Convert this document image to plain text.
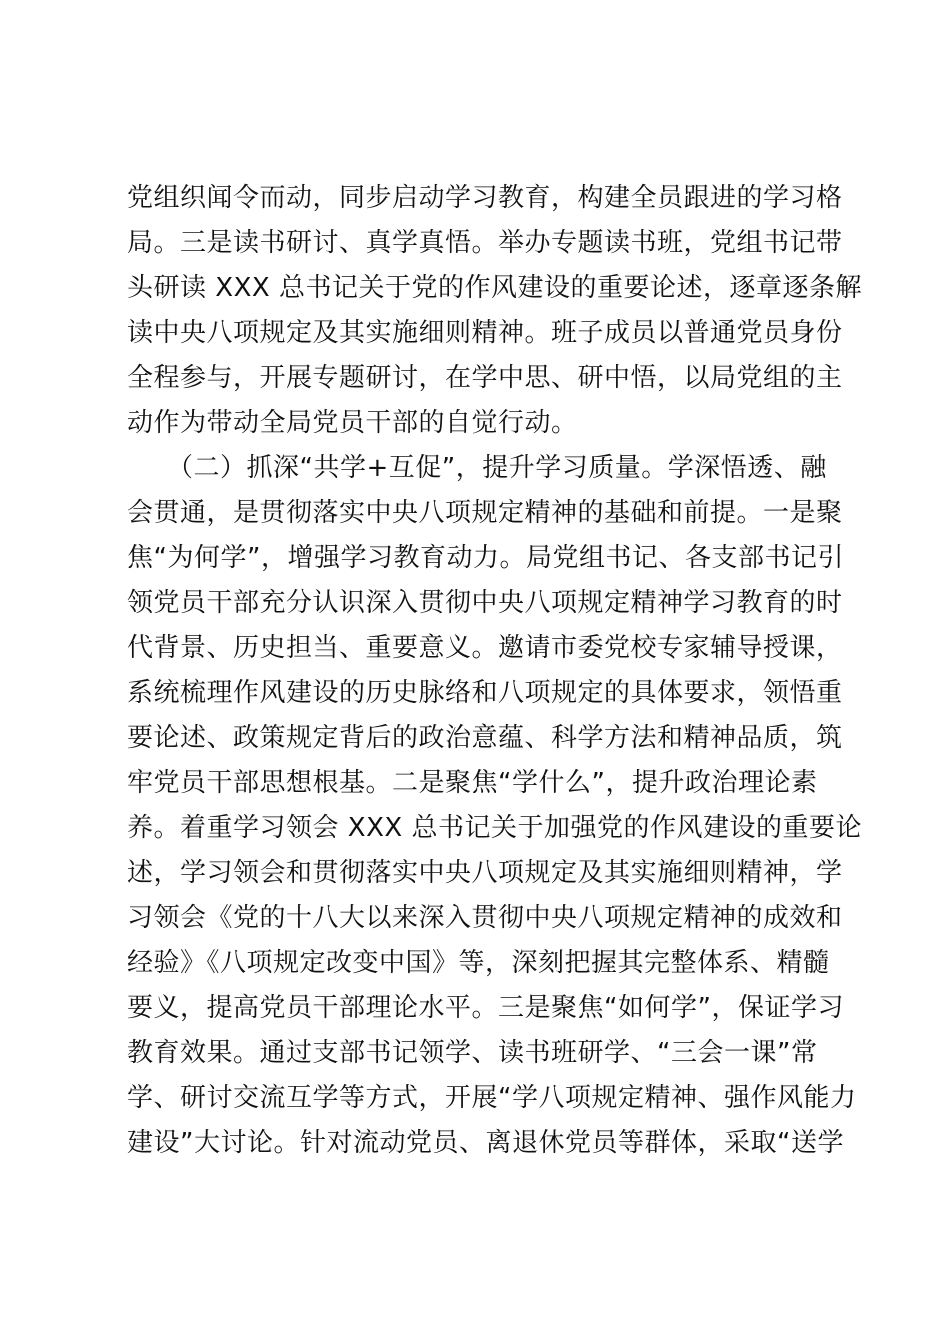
党组织闻令而动，同步启动学习教育，构建全员跟进的学习格
局。三是读书研讨、真学真悟。举办专题读书班，党组书记带
头研读 XXX 总书记关于党的作风建设的重要论述，逐章逐条解
读中央八项规定及其实施细则精神。班子成员以普通党员身份
全程参与，开展专题研讨，在学中思、研中悟，以局党组的主
动作为带动全局党员干部的自觉行动。
　　（二）抓深“共学+互促”，提升学习质量。学深悟透、融
会贯通，是贯彻落实中央八项规定精神的基础和前提。一是聚
焦“为何学”，增强学习教育动力。局党组书记、各支部书记引
领党员干部充分认识深入贯彻中央八项规定精神学习教育的时
代背景、历史担当、重要意义。邀请市委党校专家辅导授课，
系统梳理作风建设的历史脉络和八项规定的具体要求，领悟重
要论述、政策规定背后的政治意蕴、科学方法和精神品质，筑
牢党员干部思想根基。二是聚焦“学什么”，提升政治理论素
养。着重学习领会 XXX 总书记关于加强党的作风建设的重要论
述，学习领会和贯彻落实中央八项规定及其实施细则精神，学
习领会《党的十八大以来深入贯彻中央八项规定精神的成效和
经验》《八项规定改变中国》等，深刻把握其完整体系、精髓
要义，提高党员干部理论水平。三是聚焦“如何学”，保证学习
教育效果。通过支部书记领学、读书班研学、“三会一课”常
学、研讨交流互学等方式，开展“学八项规定精神、强作风能力
建设”大讨论。针对流动党员、离退休党员等群体，采取“送学
